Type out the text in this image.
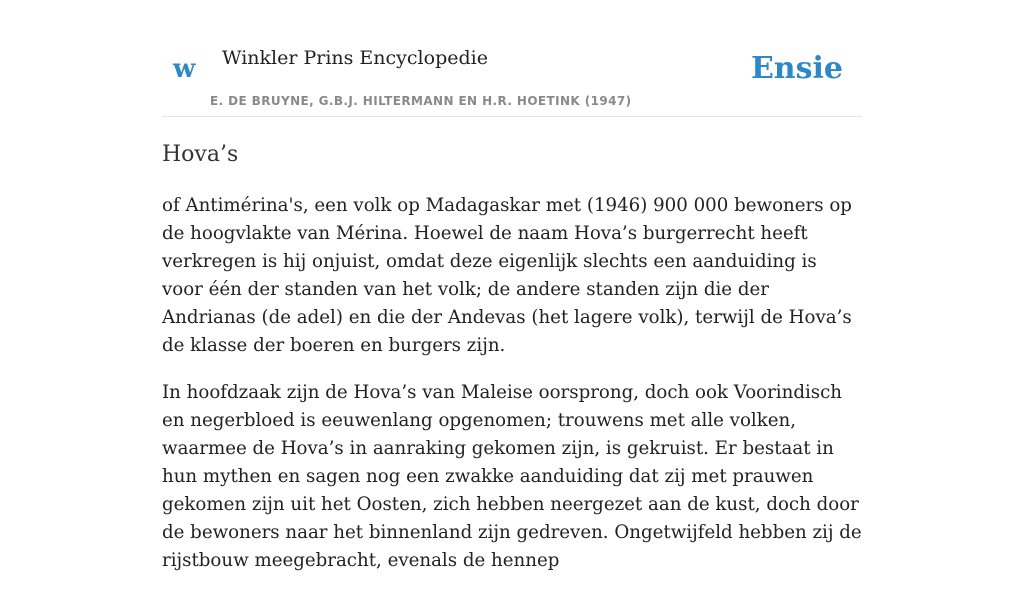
w Winkler Prins Encyclopedie
E. DE BRUYNE, G.B.J. HILTERMANN EN H.R. HOETINK (1947)
Ensie
Hova’s

of Antimérina's, een volk op Madagaskar met (1946) 900 000 bewoners op de hoogvlakte van Mérina. Hoewel de naam Hova’s burgerrecht heeft verkregen is hij onjuist, omdat deze eigenlijk slechts een aanduiding is voor één der standen van het volk; de andere standen zijn die der Andrianas (de adel) en die der Andevas (het lagere volk), terwijl de Hova’s de klasse der boeren en burgers zijn.

In hoofdzaak zijn de Hova’s van Maleise oorsprong, doch ook Voorindisch en negerbloed is eeuwenlang opgenomen; trouwens met alle volken, waarmee de Hova’s in aanraking gekomen zijn, is gekruist. Er bestaat in hun mythen en sagen nog een zwakke aanduiding dat zij met prauwen gekomen zijn uit het Oosten, zich hebben neergezet aan de kust, doch door de bewoners naar het binnenland zijn gedreven. Ongetwijfeld hebben zij de rijstbouw meegebracht, evenals de hennep
